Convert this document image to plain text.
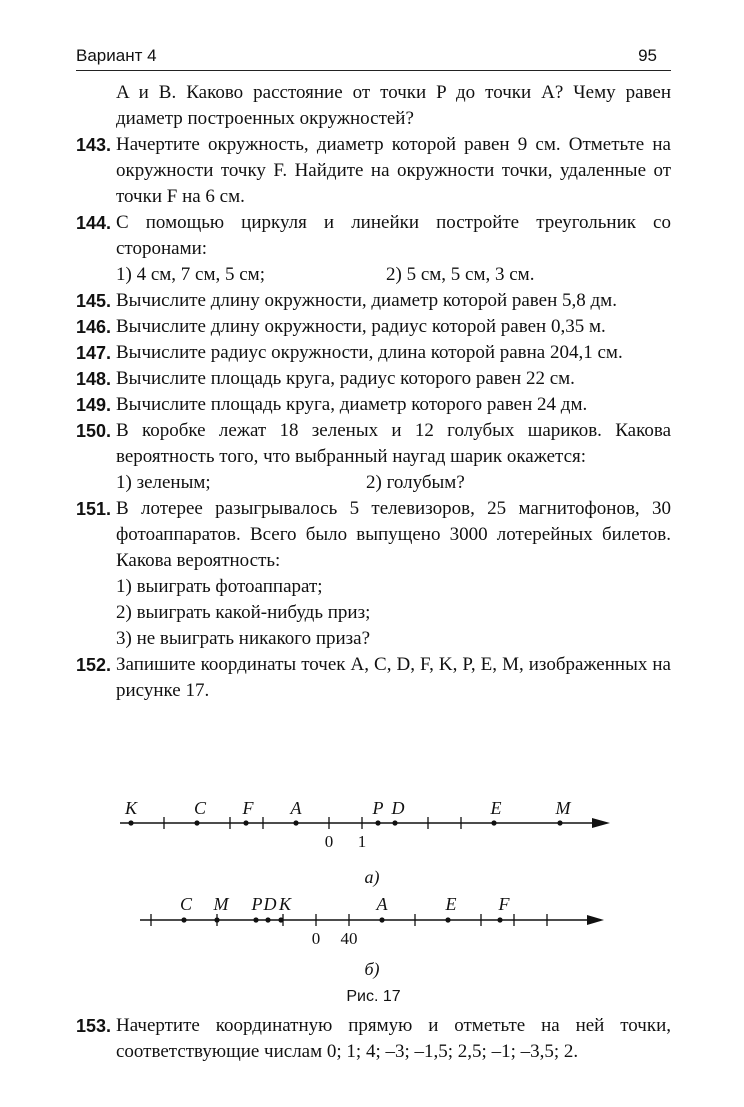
Вариант 4	95
A и B. Каково расстояние от точки P до точки A? Чему равен диаметр построенных окружностей?
143. Начертите окружность, диаметр которой равен 9 см. Отметьте на окружности точку F. Найдите на окружности точки, удаленные от точки F на 6 см.
144. С помощью циркуля и линейки постройте треугольник со сторонами:
1) 4 см, 7 см, 5 см;	2) 5 см, 5 см, 3 см.
145. Вычислите длину окружности, диаметр которой равен 5,8 дм.
146. Вычислите длину окружности, радиус которой равен 0,35 м.
147. Вычислите радиус окружности, длина которой равна 204,1 см.
148. Вычислите площадь круга, радиус которого равен 22 см.
149. Вычислите площадь круга, диаметр которого равен 24 дм.
150. В коробке лежат 18 зеленых и 12 голубых шариков. Какова вероятность того, что выбранный наугад шарик окажется:
1) зеленым;	2) голубым?
151. В лотерее разыгрывалось 5 телевизоров, 25 магнитофонов, 30 фотоаппаратов. Всего было выпущено 3000 лотерейных билетов. Какова вероятность:
1) выиграть фотоаппарат;
2) выиграть какой-нибудь приз;
3) не выиграть никакого приза?
152. Запишите координаты точек A, C, D, F, K, P, E, M, изображенных на рисунке 17.
K	C F A	P D	E	M
0 1
а)
C M P D K	A	E F
0 40
б)
Рис. 17
153. Начертите координатную прямую и отметьте на ней точки, соответствующие числам 0; 1; 4; –3; –1,5; 2,5; –1; –3,5; 2.
